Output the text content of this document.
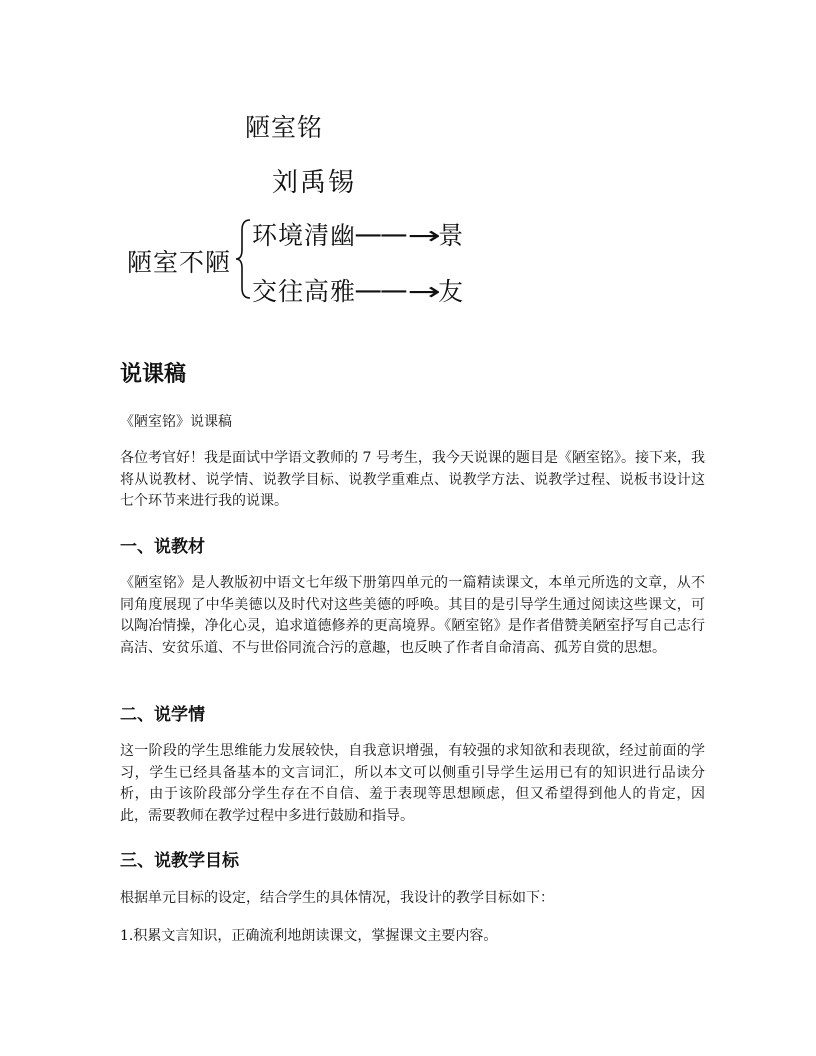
陋室铭
刘禹锡
陋室不陋
环境清幽──→景
交往高雅──→友
说课稿
《陋室铭》说课稿
各位考官好！我是面试中学语文教师的 7 号考生，我今天说课的题目是《陋室铭》。接下来，我将从说教材、说学情、说教学目标、说教学重难点、说教学方法、说教学过程、说板书设计这七个环节来进行我的说课。
一、说教材
《陋室铭》是人教版初中语文七年级下册第四单元的一篇精读课文，本单元所选的文章，从不同角度展现了中华美德以及时代对这些美德的呼唤。其目的是引导学生通过阅读这些课文，可以陶冶情操，净化心灵，追求道德修养的更高境界。《陋室铭》是作者借赞美陋室抒写自己志行高洁、安贫乐道、不与世俗同流合污的意趣，也反映了作者自命清高、孤芳自赏的思想。
二、说学情
这一阶段的学生思维能力发展较快，自我意识增强，有较强的求知欲和表现欲，经过前面的学习，学生已经具备基本的文言词汇，所以本文可以侧重引导学生运用已有的知识进行品读分析，由于该阶段部分学生存在不自信、羞于表现等思想顾虑，但又希望得到他人的肯定，因此，需要教师在教学过程中多进行鼓励和指导。
三、说教学目标
根据单元目标的设定，结合学生的具体情况，我设计的教学目标如下：
1.积累文言知识，正确流利地朗读课文，掌握课文主要内容。
